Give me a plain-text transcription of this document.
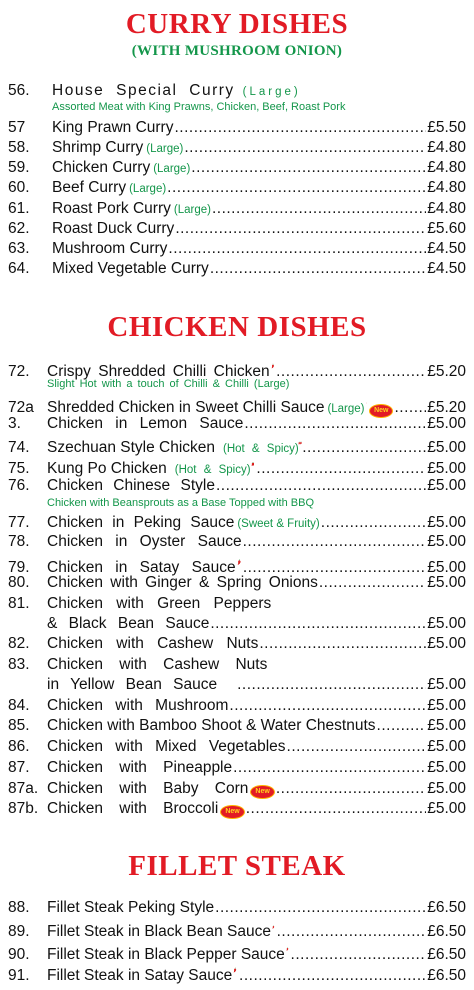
CURRY DISHES
(WITH MUSHROOM ONION)
56.	House Special Curry (Large)
Assorted Meat with King Prawns, Chicken, Beef, Roast Pork
57	King Prawn Curry .....	£5.50
58.	Shrimp Curry (Large) .....	£4.80
59.	Chicken Curry (Large) .....	£4.80
60.	Beef Curry (Large) .....	£4.80
61.	Roast Pork Curry (Large) .....	£4.80
62.	Roast Duck Curry .....	£5.60
63.	Mushroom Curry .....	£4.50
64.	Mixed Vegetable Curry .....	£4.50
CHICKEN DISHES
72.	Crispy Shredded Chilli Chicken .....	£5.20
Slight Hot with a touch of Chilli & Chilli (Large)
72a Shredded Chicken in Sweet Chilli Sauce (Large)	New .....	£5.20
3.	Chicken in Lemon Sauce .....	£5.00
74.	Szechuan Style Chicken (Hot & Spicy) .....	£5.00
75.	Kung Po Chicken (Hot & Spicy) .....	£5.00
76.	Chicken Chinese Style .....	£5.00
Chicken with Beansprouts as a Base Topped with BBQ
77.	Chicken in Peking Sauce (Sweet & Fruity) .....	£5.00
78.	Chicken in Oyster Sauce .....	£5.00
79.	Chicken in Satay Sauce .....	£5.00
80.	Chicken with Ginger & Spring Onions .....	£5.00
81.	Chicken with Green Peppers
& Black Bean Sauce .....	£5.00
82.	Chicken with Cashew Nuts .....	£5.00
83.	Chicken with Cashew Nuts
in Yellow Bean Sauce .....	£5.00
84.	Chicken with Mushroom .....	£5.00
85.	Chicken with Bamboo Shoot & Water Chestnuts .....	£5.00
86.	Chicken with Mixed Vegetables .....	£5.00
87.	Chicken with Pineapple .....	£5.00
87a. Chicken with Baby Corn	New .....	£5.00
87b. Chicken with Broccoli	New .....	£5.00
FILLET STEAK
88.	Fillet Steak Peking Style .....	£6.50
89.	Fillet Steak in Black Bean Sauce .....	£6.50
90.	Fillet Steak in Black Pepper Sauce .....	£6.50
91.	Fillet Steak in Satay Sauce .....	£6.50
